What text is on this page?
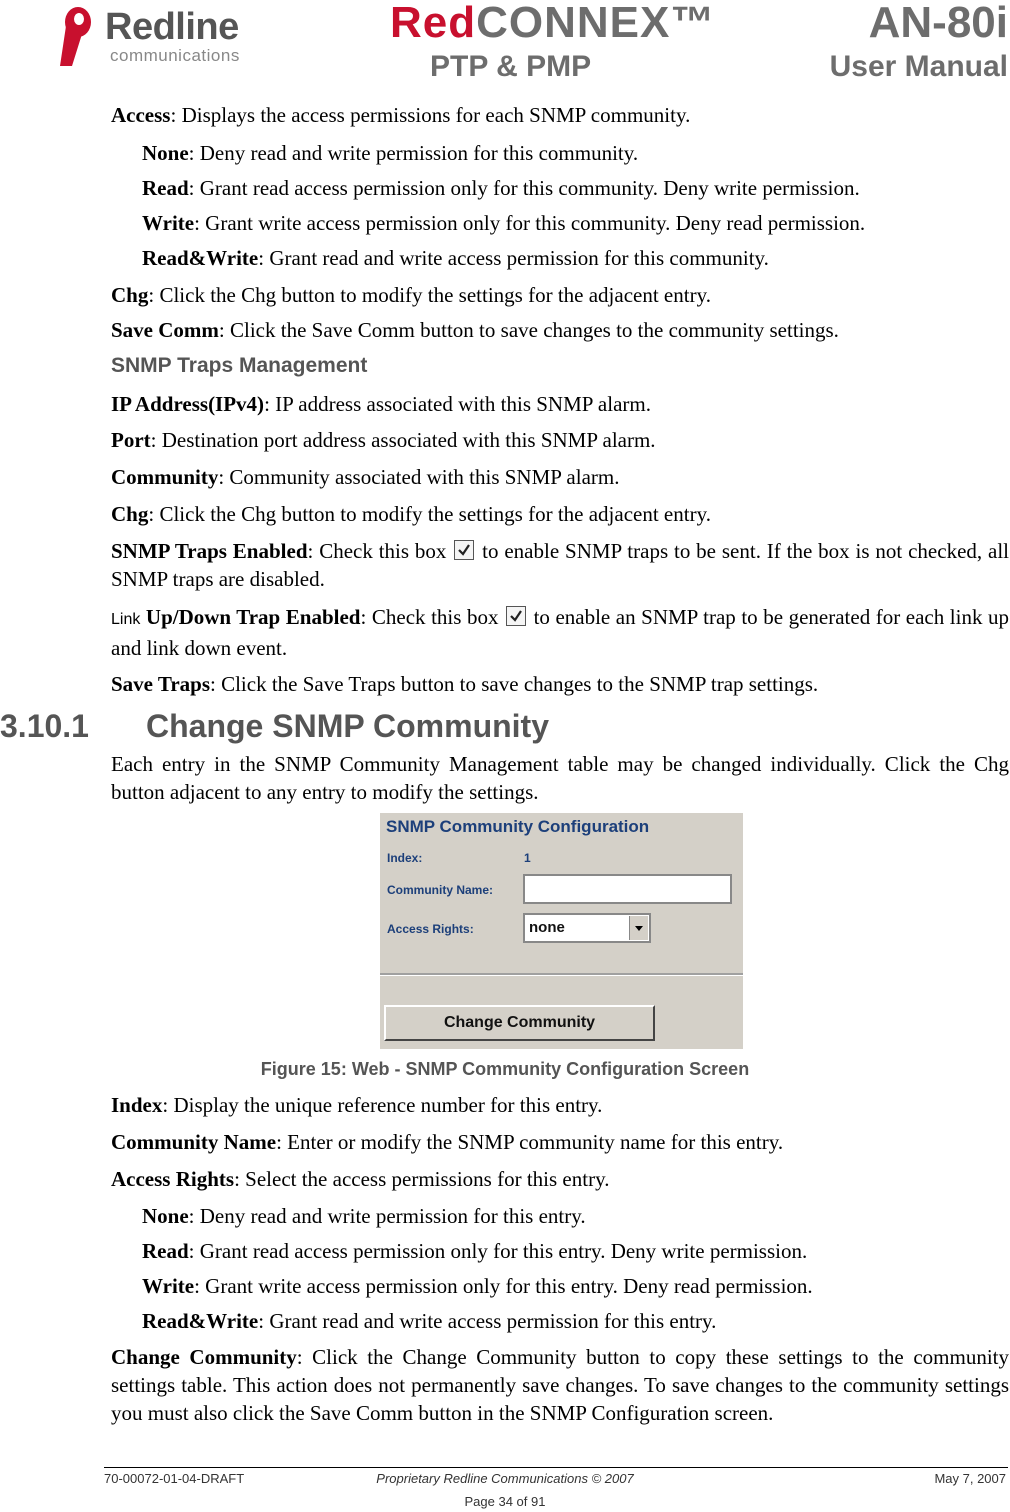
Redline
communications
RedCONNEX™	AN-80i
PTP & PMP	User Manual
Access: Displays the access permissions for each SNMP community.
None: Deny read and write permission for this community.
Read: Grant read access permission only for this community. Deny write permission.
Write: Grant write access permission only for this community. Deny read permission.
Read&Write: Grant read and write access permission for this community.
Chg: Click the Chg button to modify the settings for the adjacent entry.
Save Comm: Click the Save Comm button to save changes to the community settings.
SNMP Traps Management
IP Address(IPv4): IP address associated with this SNMP alarm.
Port: Destination port address associated with this SNMP alarm.
Community: Community associated with this SNMP alarm.
Chg: Click the Chg button to modify the settings for the adjacent entry.
SNMP Traps Enabled: Check this box
to enable SNMP traps to be sent. If the box is not checked, all SNMP traps are disabled.
Link Up/Down Trap Enabled: Check this box
to enable an SNMP trap to be generated for each link up and link down event.
Save Traps: Click the Save Traps button to save changes to the SNMP trap settings.
3.10.1 Change SNMP Community
Each entry in the SNMP Community Management table may be changed individually. Click the Chg button adjacent to any entry to modify the settings.
SNMP Community Configuration
Index:	1
Community Name:
Access Rights:	none
Change Community
Figure 15: Web - SNMP Community Configuration Screen
Index: Display the unique reference number for this entry.
Community Name: Enter or modify the SNMP community name for this entry.
Access Rights: Select the access permissions for this entry.
None: Deny read and write permission for this entry.
Read: Grant read access permission only for this entry. Deny write permission.
Write: Grant write access permission only for this entry. Deny read permission.
Read&Write: Grant read and write access permission for this entry.
Change Community: Click the Change Community button to copy these settings to the community settings table. This action does not permanently save changes. To save changes to the community settings you must also click the Save Comm button in the SNMP Configuration screen.
70-00072-01-04-DRAFT	Proprietary Redline Communications © 2007	May 7, 2007
Page 34 of 91
